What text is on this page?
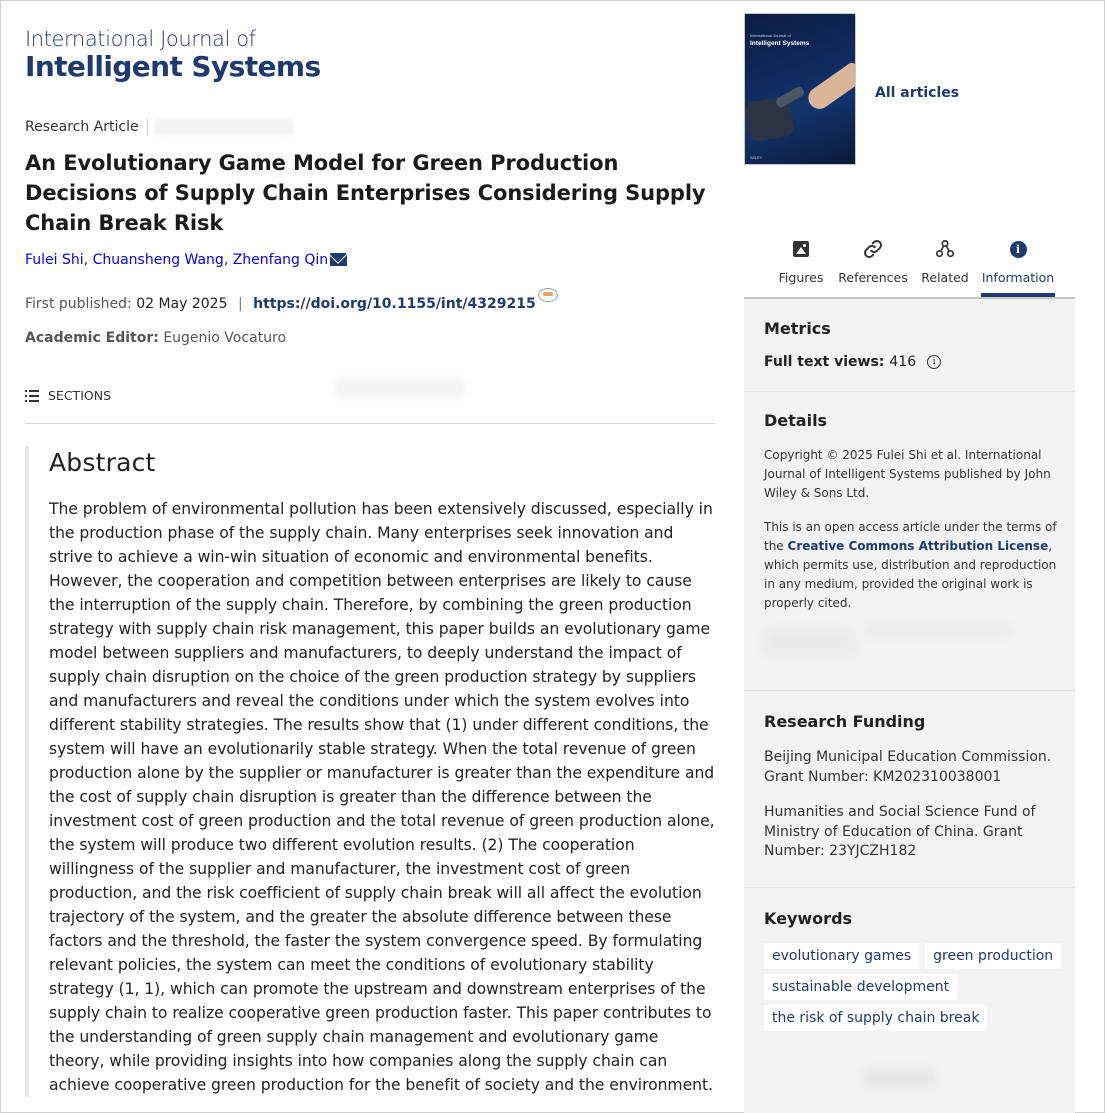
International Journal of
Intelligent Systems
Research Article
An Evolutionary Game Model for Green Production Decisions of Supply Chain Enterprises Considering Supply Chain Break Risk
Fulei Shi, Chuansheng Wang, Zhenfang Qin
First published: 02 May 2025 | https://doi.org/10.1155/int/4329215
Academic Editor: Eugenio Vocaturo
SECTIONS
Abstract

The problem of environmental pollution has been extensively discussed, especially in the production phase of the supply chain. Many enterprises seek innovation and strive to achieve a win-win situation of economic and environmental benefits. However, the cooperation and competition between enterprises are likely to cause the interruption of the supply chain. Therefore, by combining the green production strategy with supply chain risk management, this paper builds an evolutionary game model between suppliers and manufacturers, to deeply understand the impact of supply chain disruption on the choice of the green production strategy by suppliers and manufacturers and reveal the conditions under which the system evolves into different stability strategies. The results show that (1) under different conditions, the system will have an evolutionarily stable strategy. When the total revenue of green production alone by the supplier or manufacturer is greater than the expenditure and the cost of supply chain disruption is greater than the difference between the investment cost of green production and the total revenue of green production alone, the system will produce two different evolution results. (2) The cooperation willingness of the supplier and manufacturer, the investment cost of green production, and the risk coefficient of supply chain break will all affect the evolution trajectory of the system, and the greater the absolute difference between these factors and the threshold, the faster the system convergence speed. By formulating relevant policies, the system can meet the conditions of evolutionary stability strategy (1, 1), which can promote the upstream and downstream enterprises of the supply chain to realize cooperative green production faster. This paper contributes to the understanding of green supply chain management and evolutionary game theory, while providing insights into how companies along the supply chain can achieve cooperative green production for the benefit of society and the environment.

International Journal of
Intelligent Systems
WILEY
All articles
Figures References Related
i
Information
Metrics
Full text views: 416	i
Details

Copyright © 2025 Fulei Shi et al. International Journal of Intelligent Systems published by John Wiley & Sons Ltd.

This is an open access article under the terms of the Creative Commons Attribution License, which permits use, distribution and reproduction in any medium, provided the original work is properly cited.

Research Funding

Beijing Municipal Education Commission. Grant Number: KM202310038001

Humanities and Social Science Fund of Ministry of Education of China. Grant Number: 23YJCZH182

Keywords
evolutionary games	green production
sustainable development
the risk of supply chain break
